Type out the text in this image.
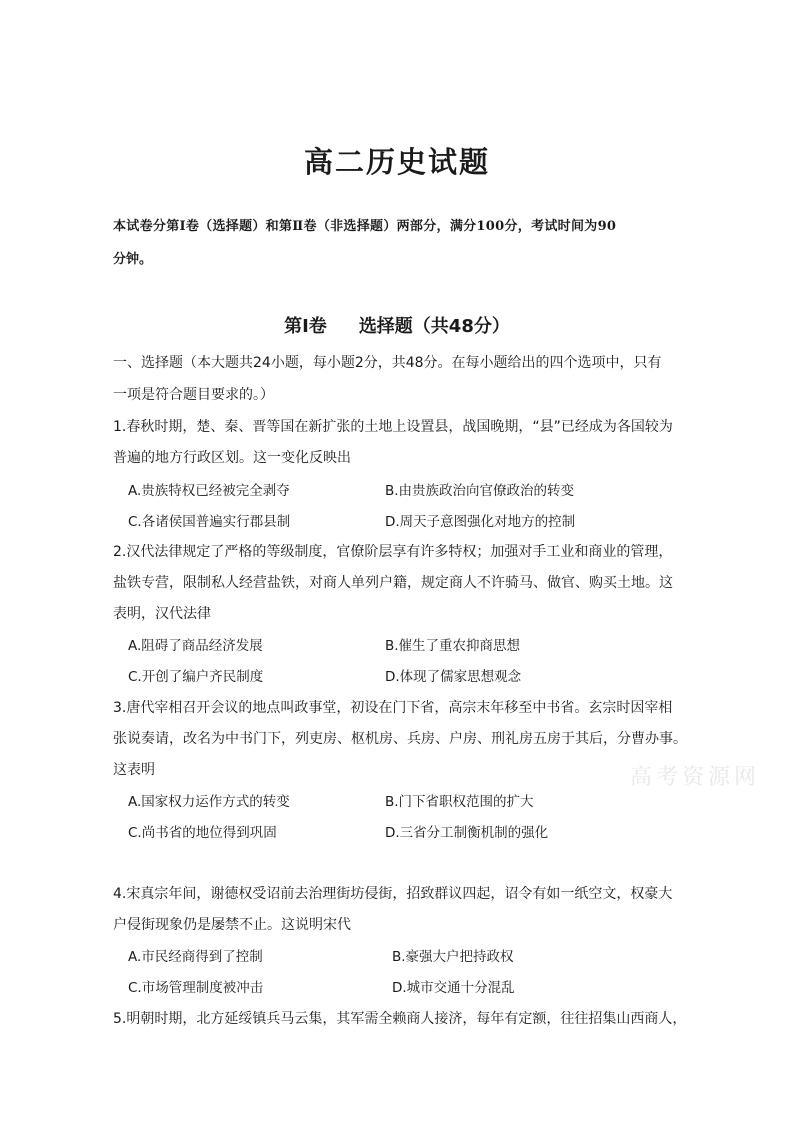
高二历史试题
本试卷分第Ⅰ卷（选择题）和第Ⅱ卷（非选择题）两部分，满分100分，考试时间为90
分钟。
第Ⅰ卷 选择题（共48分）
一、选择题（本大题共24小题，每小题2分，共48分。在每小题给出的四个选项中，只有
一项是符合题目要求的。）
1.春秋时期，楚、秦、晋等国在新扩张的土地上设置县，战国晚期，“县”已经成为各国较为
普遍的地方行政区划。这一变化反映出
A.贵族特权已经被完全剥夺	B.由贵族政治向官僚政治的转变
C.各诸侯国普遍实行郡县制	D.周天子意图强化对地方的控制
2.汉代法律规定了严格的等级制度，官僚阶层享有许多特权；加强对手工业和商业的管理，
盐铁专营，限制私人经营盐铁，对商人单列户籍，规定商人不许骑马、做官、购买土地。这
表明，汉代法律
A.阻碍了商品经济发展	B.催生了重农抑商思想
C.开创了编户齐民制度	D.体现了儒家思想观念
3.唐代宰相召开会议的地点叫政事堂，初设在门下省，高宗末年移至中书省。玄宗时因宰相
张说奏请，改名为中书门下，列吏房、枢机房、兵房、户房、刑礼房五房于其后，分曹办事。
这表明
A.国家权力运作方式的转变	B.门下省职权范围的扩大
C.尚书省的地位得到巩固	D.三省分工制衡机制的强化
4.宋真宗年间，谢德权受诏前去治理街坊侵街，招致群议四起，诏令有如一纸空文，权豪大
户侵街现象仍是屡禁不止。这说明宋代
A.市民经商得到了控制	B.豪强大户把持政权
C.市场管理制度被冲击	D.城市交通十分混乱
5.明朝时期，北方延绥镇兵马云集，其军需全赖商人接济，每年有定额，往往招集山西商人，
高考资源网
